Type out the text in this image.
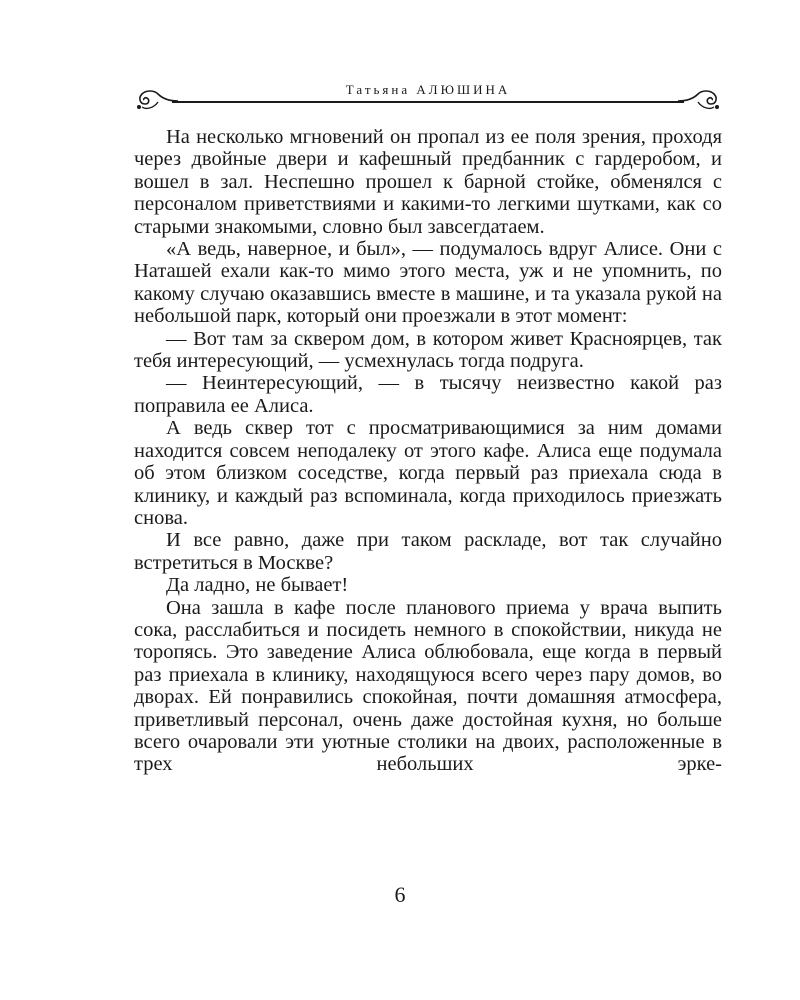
Татьяна АЛЮШИНА

На несколько мгновений он пропал из ее поля зрения, проходя через двойные двери и кафешный предбанник с гардеробом, и вошел в зал. Неспешно прошел к барной стойке, обменялся с персоналом приветствиями и какими-то легкими шутками, как со старыми знакомыми, словно был завсегдатаем.

«А ведь, наверное, и был», — подумалось вдруг Алисе. Они с Наташей ехали как-то мимо этого места, уж и не упомнить, по какому случаю оказавшись вместе в машине, и та указала рукой на небольшой парк, который они проезжали в этот момент:

— Вот там за сквером дом, в котором живет Красноярцев, так тебя интересующий, — усмехнулась тогда подруга.

— Неинтересующий, — в тысячу неизвестно какой раз поправила ее Алиса.

А ведь сквер тот с просматривающимися за ним домами находится совсем неподалеку от этого кафе. Алиса еще подумала об этом близком соседстве, когда первый раз приехала сюда в клинику, и каждый раз вспоминала, когда приходилось приезжать снова.

И все равно, даже при таком раскладе, вот так случайно встретиться в Москве?

Да ладно, не бывает!

Она зашла в кафе после планового приема у врача выпить сока, расслабиться и посидеть немного в спокойствии, никуда не торопясь. Это заведение Алиса облюбовала, еще когда в первый раз приехала в клинику, находящуюся всего через пару домов, во дворах. Ей понравились спокойная, почти домашняя атмосфера, приветливый персонал, очень даже достойная кухня, но больше всего очаровали эти уютные столики на двоих, расположенные в трех небольших эрке-

6
